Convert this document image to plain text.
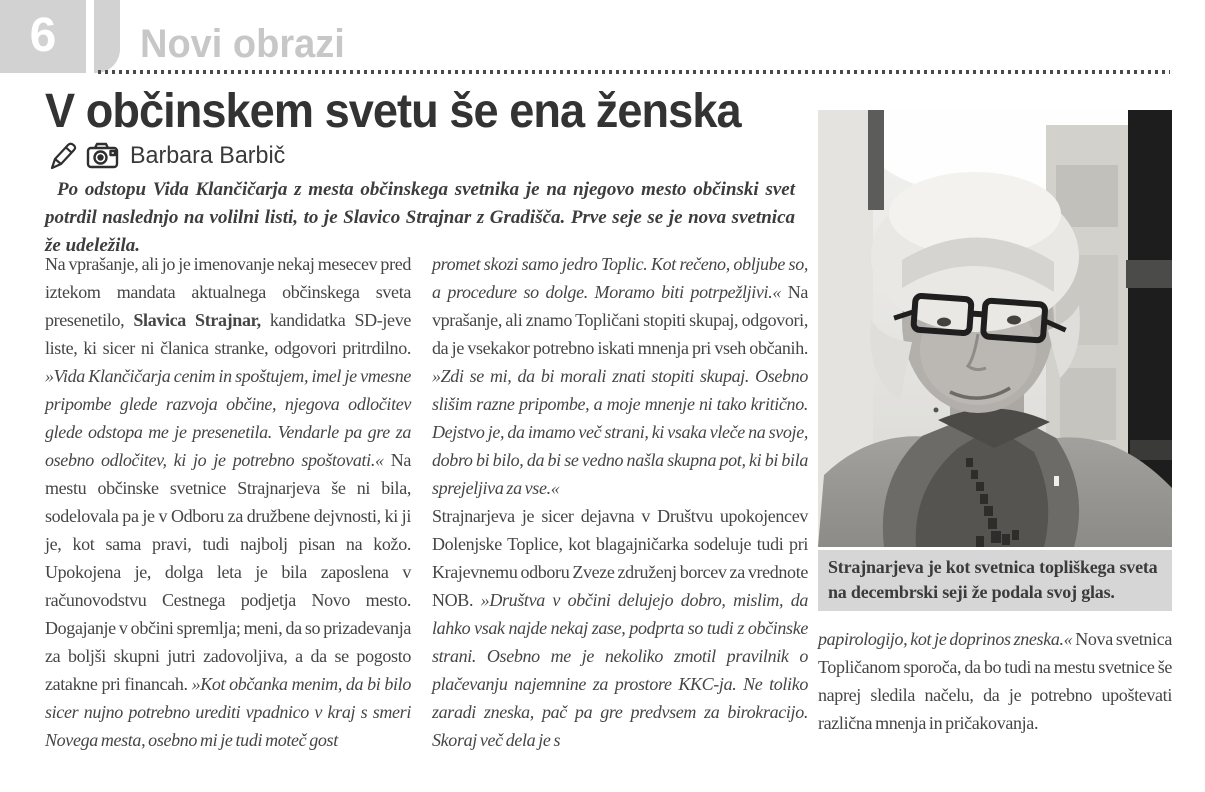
6	Novi obrazi
V občinskem svetu še ena ženska
Barbara Barbič
Po odstopu Vida Klančičarja z mesta občinskega svetnika je na njegovo mesto občinski svet potrdil naslednjo na volilni listi, to je Slavico Strajnar z Gradišča. Prve seje se je nova svetnica že udeležila.

Na vprašanje, ali jo je imenovanje nekaj mesecev pred iztekom mandata aktualnega občinskega sveta presenetilo, Slavica Strajnar, kandidatka SD-jeve liste, ki sicer ni članica stranke, odgovori pritrdilno. »Vida Klančičarja cenim in spoštujem, imel je vmesne pripombe glede razvoja občine, njegova odločitev glede odstopa me je presenetila. Vendarle pa gre za osebno odločitev, ki jo je potrebno spoštovati.« Na mestu občinske svetnice Strajnarjeva še ni bila, sodelovala pa je v Odboru za družbene dejvnosti, ki ji je, kot sama pravi, tudi najbolj pisan na kožo. Upokojena je, dolga leta je bila zaposlena v računovodstvu Cestnega podjetja Novo mesto. Dogajanje v občini spremlja; meni, da so prizadevanja za boljši skupni jutri zadovoljiva, a da se pogosto zatakne pri financah. »Kot občanka menim, da bi bilo sicer nujno potrebno urediti vpadnico v kraj s smeri Novega mesta, osebno mi je tudi moteč gost

promet skozi samo jedro Toplic. Kot rečeno, obljube so, a procedure so dolge. Moramo biti potrpežljivi.« Na vprašanje, ali znamo Topličani stopiti skupaj, odgovori, da je vsekakor potrebno iskati mnenja pri vseh občanih. »Zdi se mi, da bi morali znati stopiti skupaj. Osebno slišim razne pripombe, a moje mnenje ni tako kritično. Dejstvo je, da imamo več strani, ki vsaka vleče na svoje, dobro bi bilo, da bi se vedno našla skupna pot, ki bi bila sprejeljiva za vse.«

Strajnarjeva je sicer dejavna v Društvu upokojencev Dolenjske Toplice, kot blagajničarka sodeluje tudi pri Krajevnemu odboru Zveze združenj borcev za vrednote NOB. »Društva v občini delujejo dobro, mislim, da lahko vsak najde nekaj zase, podprta so tudi z občinske strani. Osebno me je nekoliko zmotil pravilnik o plačevanju najemnine za prostore KKC-ja. Ne toliko zaradi zneska, pač pa gre predvsem za birokracijo. Skoraj več dela je s

Strajnarjeva je kot svetnica topliškega sveta na decembrski seji že podala svoj glas.

papirologijo, kot je doprinos zneska.« Nova svetnica Topličanom sporoča, da bo tudi na mestu svetnice še naprej sledila načelu, da je potrebno upoštevati različna mnenja in pričakovanja.
